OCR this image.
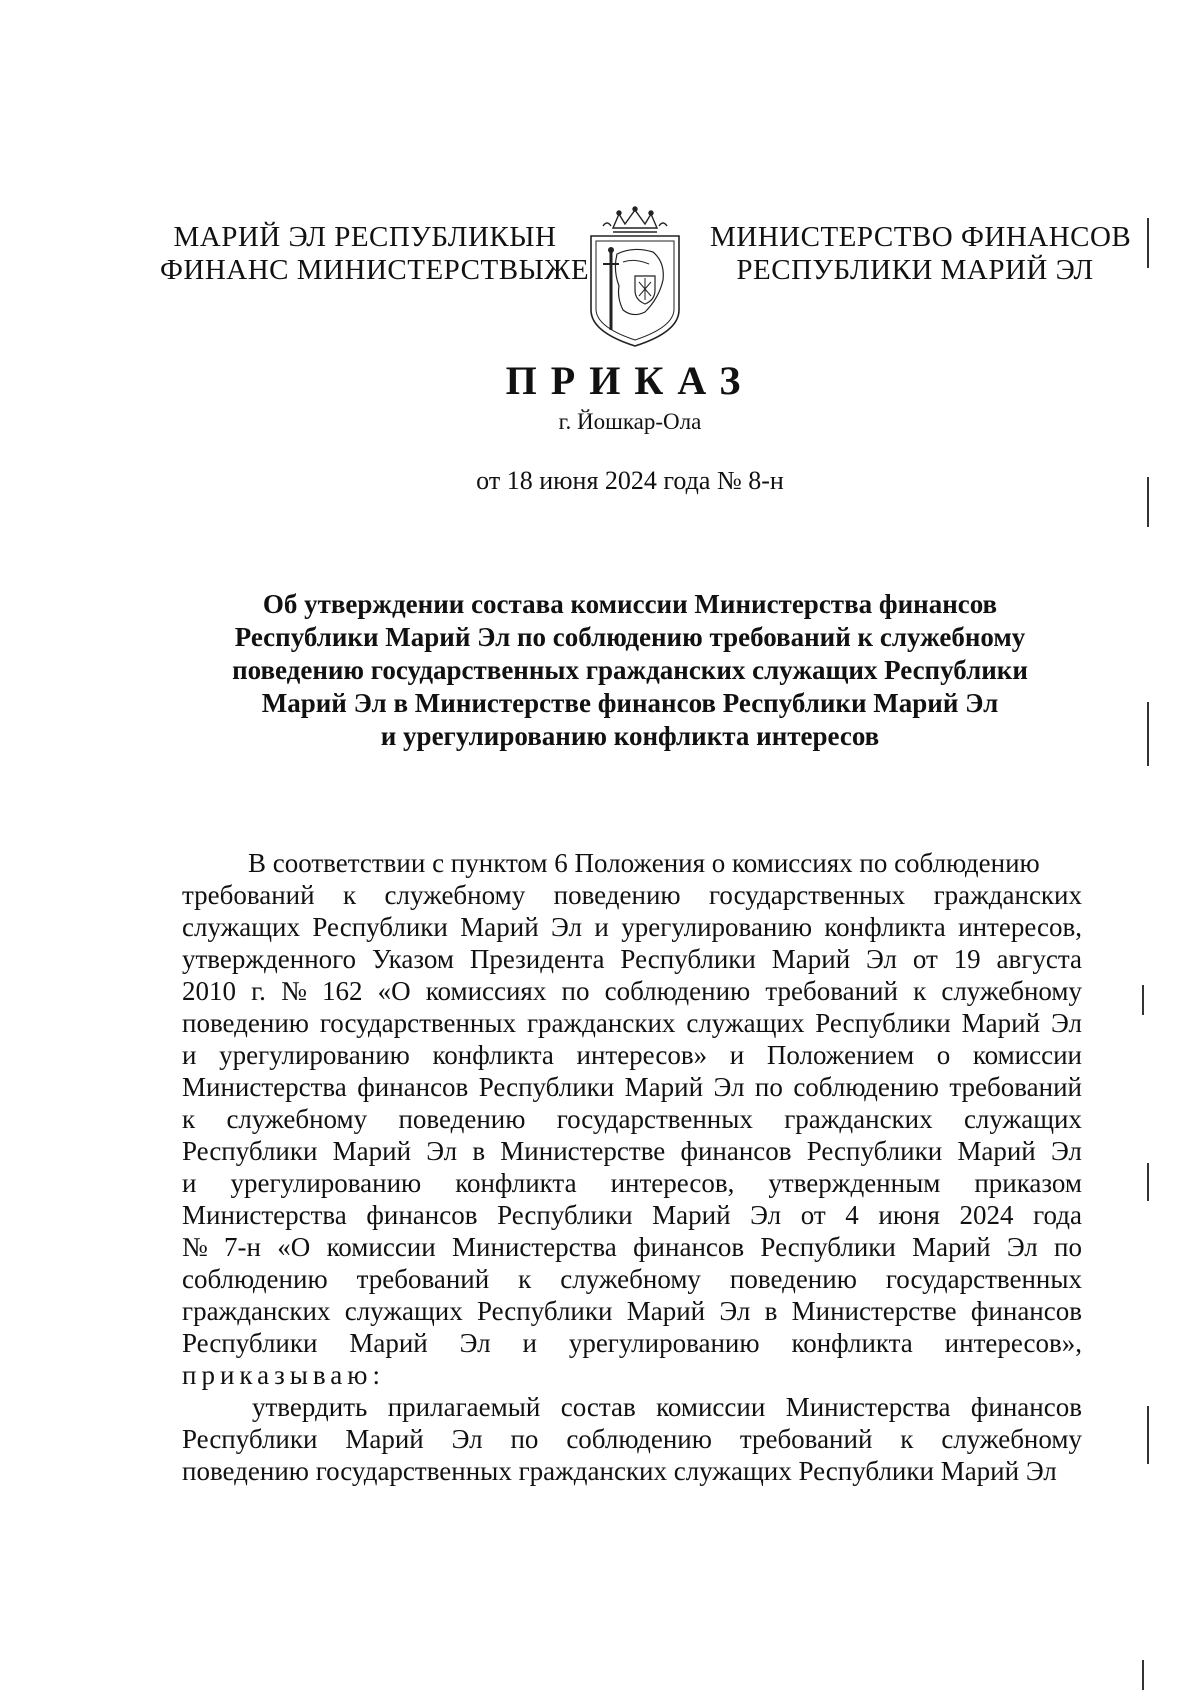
МАРИЙ ЭЛ РЕСПУБЛИКЫН
ФИНАНС МИНИСТЕРСТВЫЖЕ
МИНИСТЕРСТВО ФИНАНСОВ
РЕСПУБЛИКИ МАРИЙ ЭЛ
ПРИКАЗ
г. Йошкар-Ола
от 18 июня 2024 года № 8-н
Об утверждении состава комиссии Министерства финансов
Республики Марий Эл по соблюдению требований к служебному
поведению государственных гражданских служащих Республики
Марий Эл в Министерстве финансов Республики Марий Эл
и урегулированию конфликта интересов
В соответствии с пунктом 6 Положения о комиссиях по соблюдению
требований к служебному поведению государственных гражданских
служащих Республики Марий Эл и урегулированию конфликта интересов,
утвержденного Указом Президента Республики Марий Эл от 19 августа
2010 г. № 162 «О комиссиях по соблюдению требований к служебному
поведению государственных гражданских служащих Республики Марий Эл
и урегулированию конфликта интересов» и Положением о комиссии
Министерства финансов Республики Марий Эл по соблюдению требований
к служебному поведению государственных гражданских служащих
Республики Марий Эл в Министерстве финансов Республики Марий Эл
и урегулированию конфликта интересов, утвержденным приказом
Министерства финансов Республики Марий Эл от 4 июня 2024 года
№ 7-н «О комиссии Министерства финансов Республики Марий Эл по
соблюдению требований к служебному поведению государственных
гражданских служащих Республики Марий Эл в Министерстве финансов
Республики Марий Эл и урегулированию конфликта интересов»,
приказываю:
утвердить прилагаемый состав комиссии Министерства финансов
Республики Марий Эл по соблюдению требований к служебному
поведению государственных гражданских служащих Республики Марий Эл
